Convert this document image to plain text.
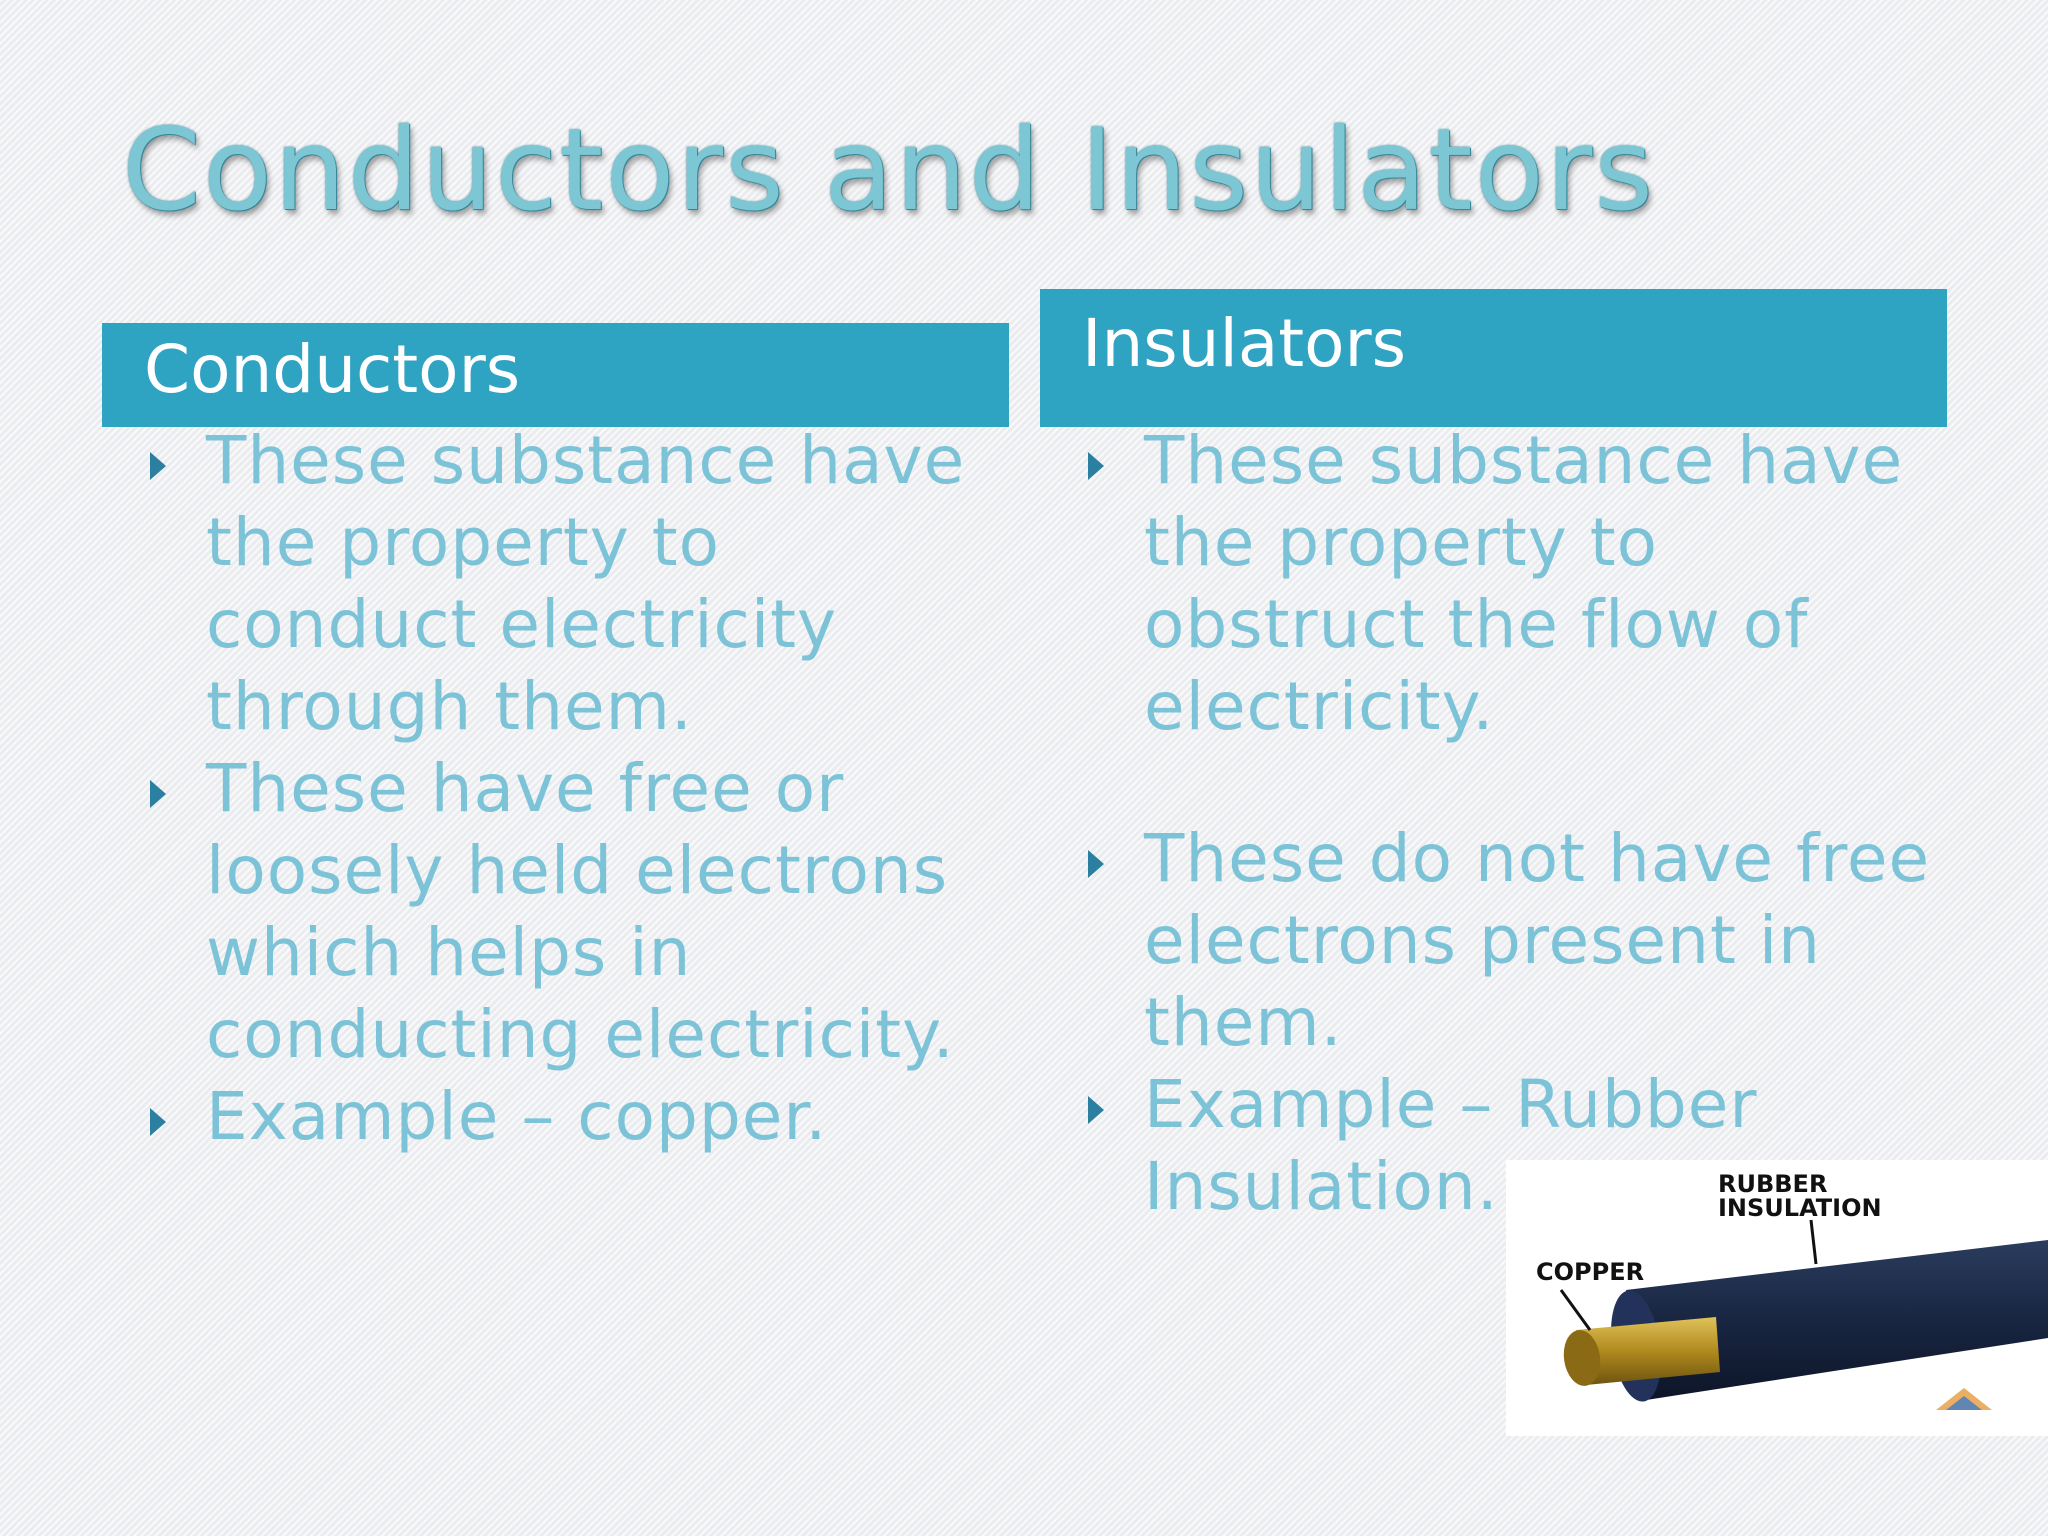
Conductors and Insulators
Conductors	Insulators
These substance have the property to conduct electricity through them.
These have free or loosely held electrons which helps in conducting electricity.
Example – copper.
These substance have the property to obstruct the flow of electricity.
These do not have free electrons present in them.
Example – Rubber Insulation.	RUBBER
INSULATION
COPPER
